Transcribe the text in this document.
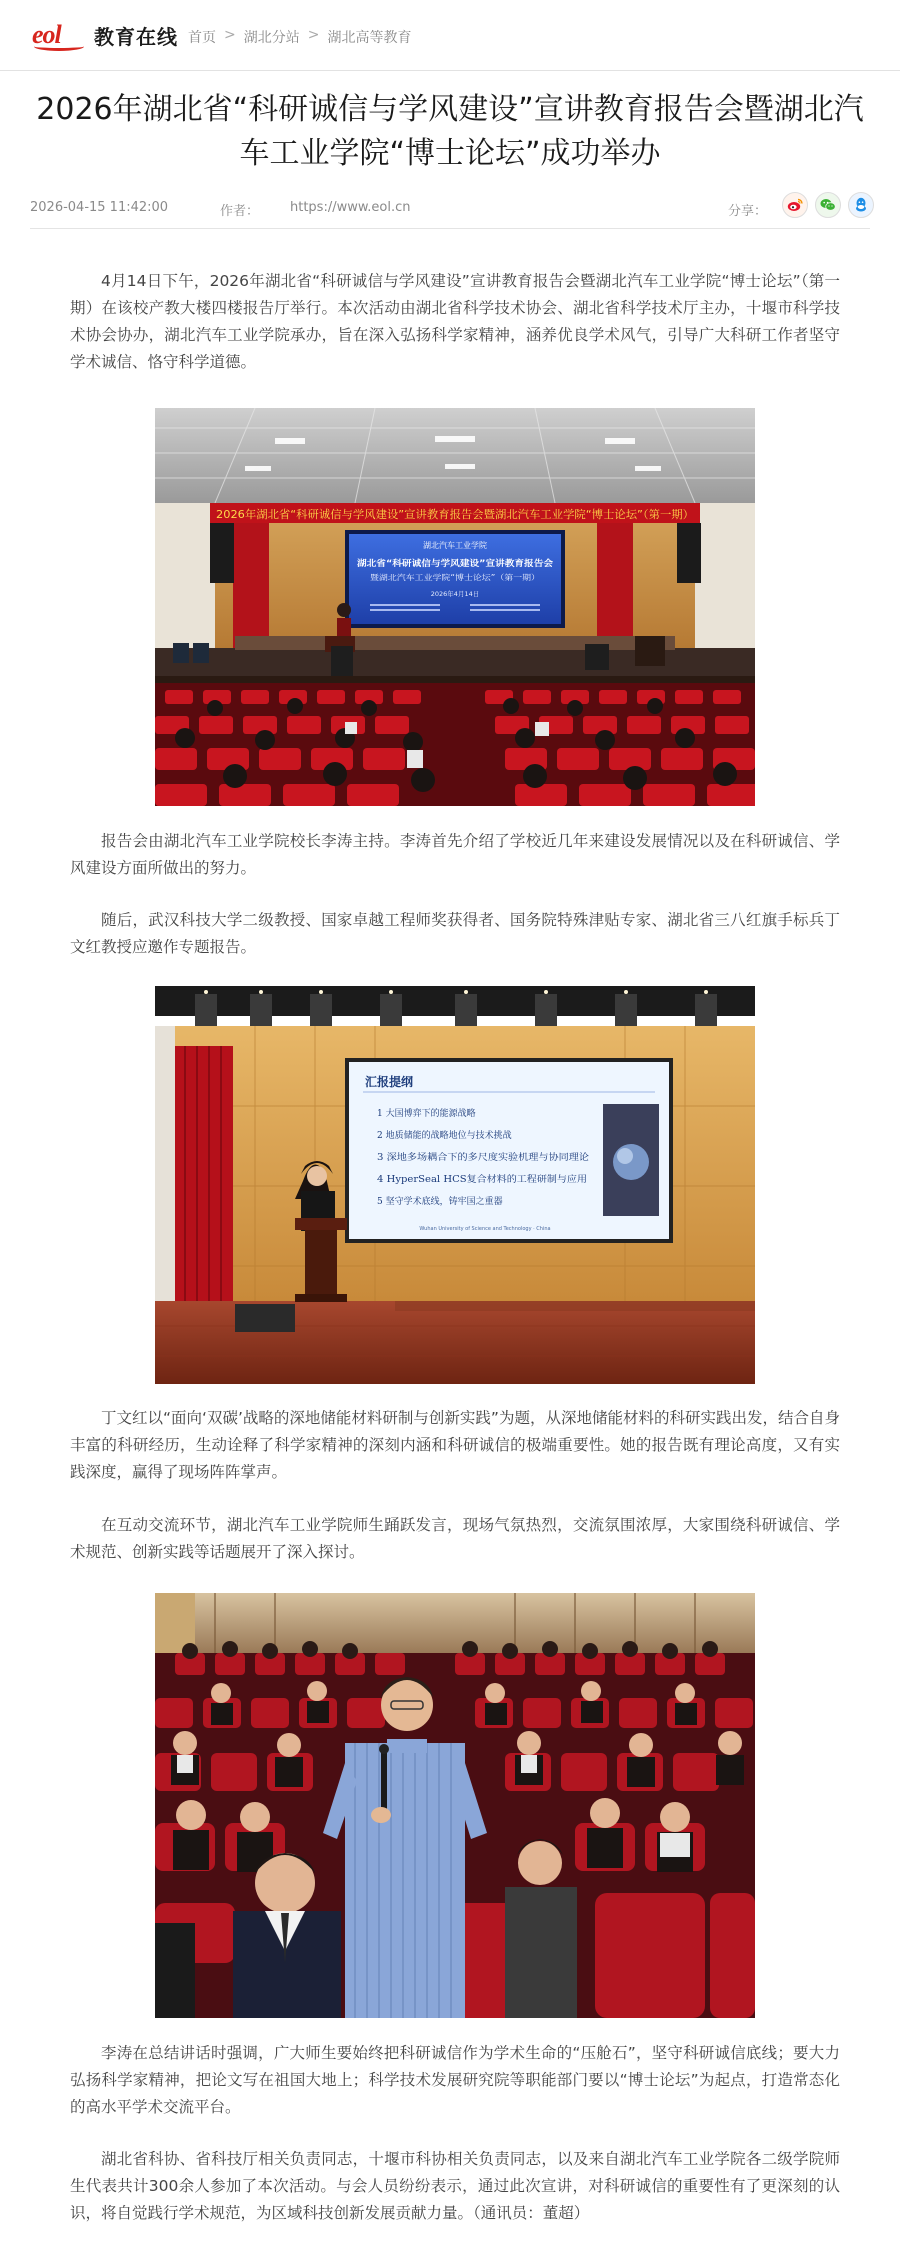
eol 教育在线 首页 > 湖北分站 > 湖北高等教育
2026年湖北省“科研诚信与学风建设”宣讲教育报告会暨湖北汽车工业学院“博士论坛”成功举办
2026-04-15 11:42:00	作者： https://www.eol.cn	分享：

4月14日下午，2026年湖北省“科研诚信与学风建设”宣讲教育报告会暨湖北汽车工业学院“博士论坛”（第一期）在该校产教大楼四楼报告厅举行。本次活动由湖北省科学技术协会、湖北省科学技术厅主办，十堰市科学技术协会协办，湖北汽车工业学院承办，旨在深入弘扬科学家精神，涵养优良学术风气，引导广大科研工作者坚守学术诚信、恪守科学道德。

2026年湖北省“科研诚信与学风建设”宣讲教育报告会暨湖北汽车工业学院“博士论坛”（第一期）
湖北汽车工业学院
湖北省“科研诚信与学风建设”宣讲教育报告会
暨湖北汽车工业学院“博士论坛”（第一期）
2026年4月14日

报告会由湖北汽车工业学院校长李涛主持。李涛首先介绍了学校近几年来建设发展情况以及在科研诚信、学风建设方面所做出的努力。

随后，武汉科技大学二级教授、国家卓越工程师奖获得者、国务院特殊津贴专家、湖北省三八红旗手标兵丁文红教授应邀作专题报告。

汇报提纲
1 大国博弈下的能源战略
2 地质储能的战略地位与技术挑战
3 深地多场耦合下的多尺度实验机理与协同理论
4 HyperSeal HCS复合材料的工程研制与应用
5 坚守学术底线，铸牢国之重器
Wuhan University of Science and Technology · China

丁文红以“面向‘双碳’战略的深地储能材料研制与创新实践”为题，从深地储能材料的科研实践出发，结合自身丰富的科研经历，生动诠释了科学家精神的深刻内涵和科研诚信的极端重要性。她的报告既有理论高度，又有实践深度，赢得了现场阵阵掌声。

在互动交流环节，湖北汽车工业学院师生踊跃发言，现场气氛热烈，交流氛围浓厚，大家围绕科研诚信、学术规范、创新实践等话题展开了深入探讨。

李涛在总结讲话时强调，广大师生要始终把科研诚信作为学术生命的“压舱石”，坚守科研诚信底线；要大力弘扬科学家精神，把论文写在祖国大地上；科学技术发展研究院等职能部门要以“博士论坛”为起点，打造常态化的高水平学术交流平台。

湖北省科协、省科技厅相关负责同志，十堰市科协相关负责同志，以及来自湖北汽车工业学院各二级学院师生代表共计300余人参加了本次活动。与会人员纷纷表示，通过此次宣讲，对科研诚信的重要性有了更深刻的认识，将自觉践行学术规范，为区域科技创新发展贡献力量。（通讯员：董超）
